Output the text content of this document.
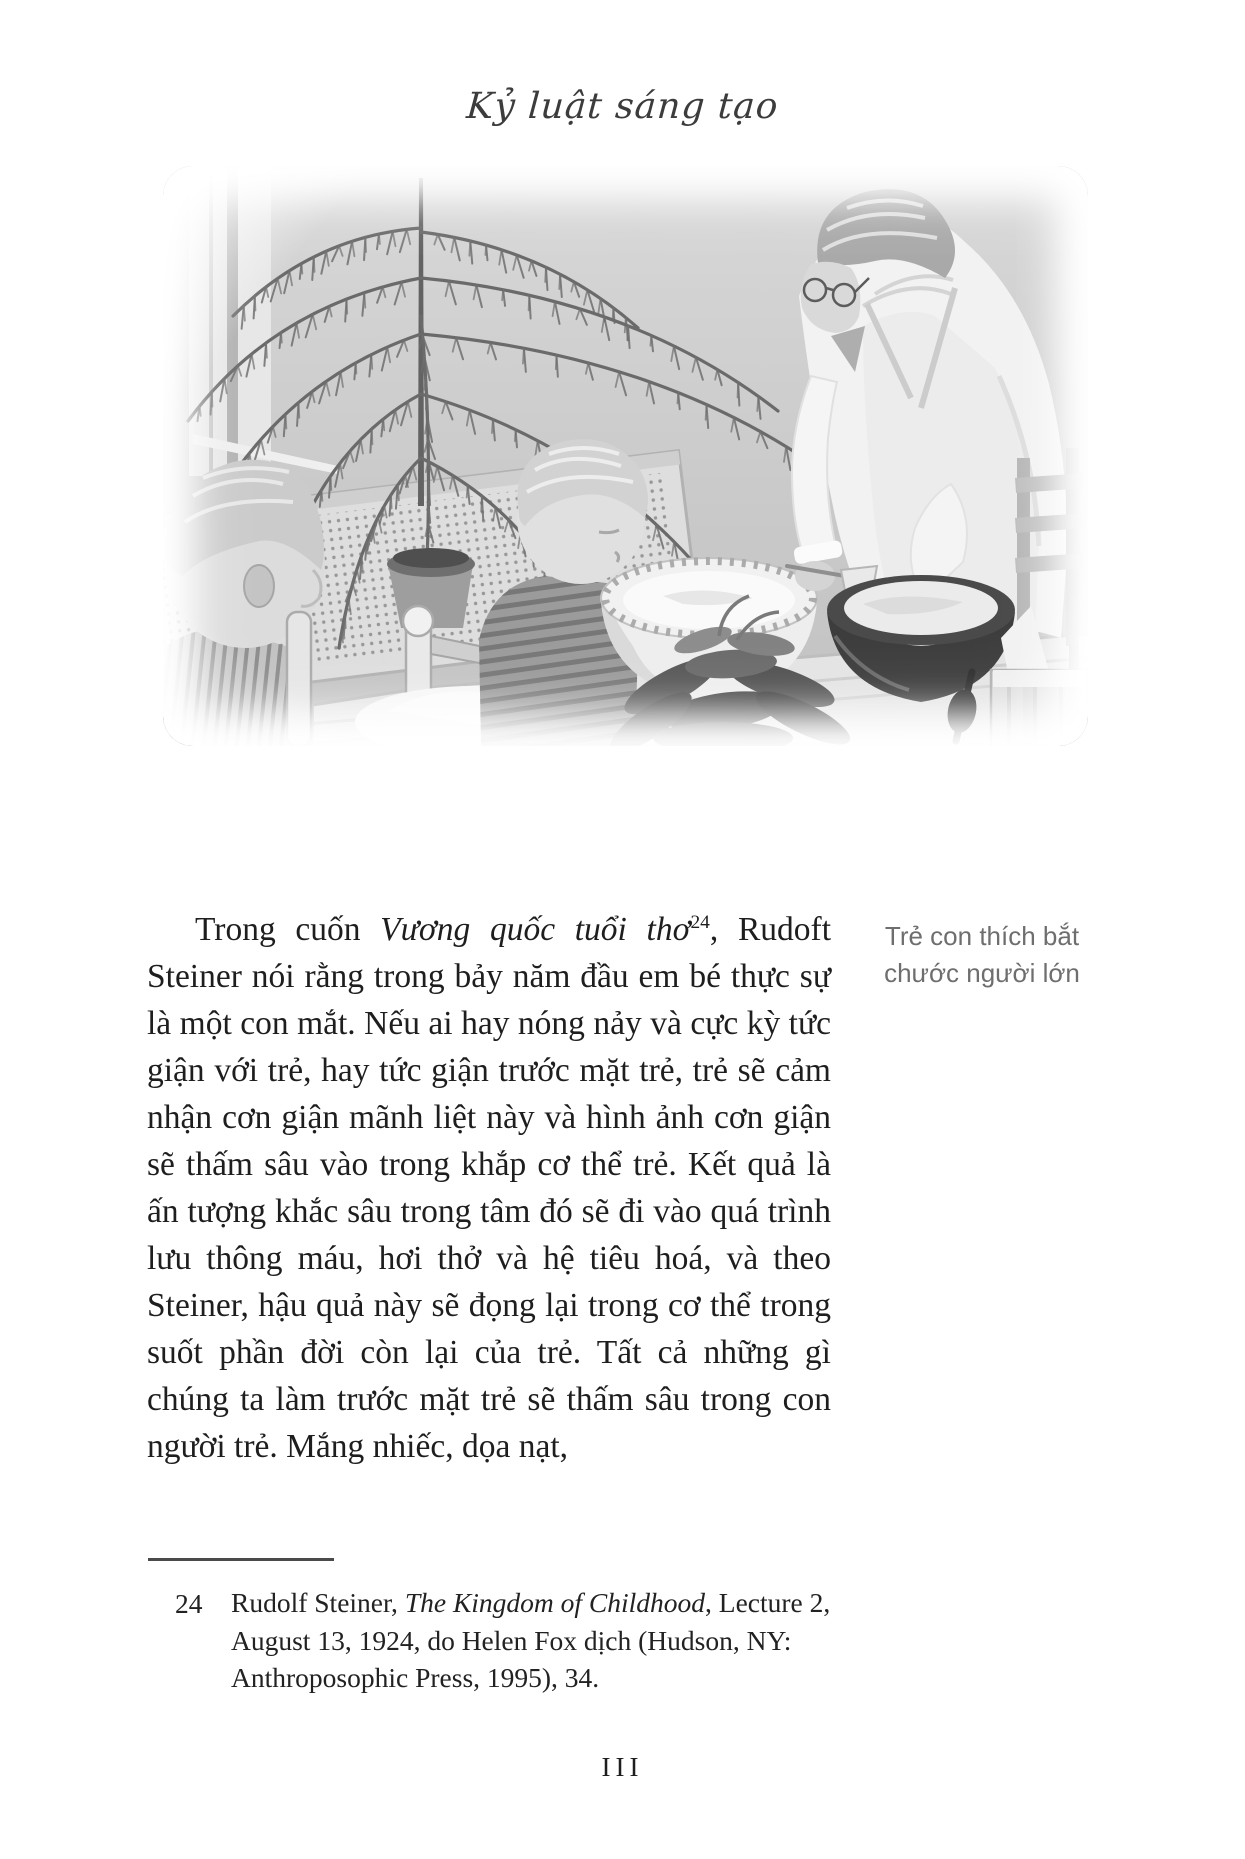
Kỷ luật sáng tạo
Trẻ con thích bắt
chước người lớn
Trong cuốn Vương quốc tuổi thơ$^{24}$, Rudoft Steiner nói rằng trong bảy năm đầu em bé thực sự là một con mắt. Nếu ai hay nóng nảy và cực kỳ tức giận với trẻ, hay tức giận trước mặt trẻ, trẻ sẽ cảm nhận cơn giận mãnh liệt này và hình ảnh cơn giận sẽ thấm sâu vào trong khắp cơ thể trẻ. Kết quả là ấn tượng khắc sâu trong tâm đó sẽ đi vào quá trình lưu thông máu, hơi thở và hệ tiêu hoá, và theo Steiner, hậu quả này sẽ đọng lại trong cơ thể trong suốt phần đời còn lại của trẻ. Tất cả những gì chúng ta làm trước mặt trẻ sẽ thấm sâu trong con người trẻ. Mắng nhiếc, dọa nạt,
24	Rudolf Steiner, The Kingdom of Childhood, Lecture 2, August 13, 1924, do Helen Fox dịch (Hudson, NY: Anthroposophic Press, 1995), 34.
III
